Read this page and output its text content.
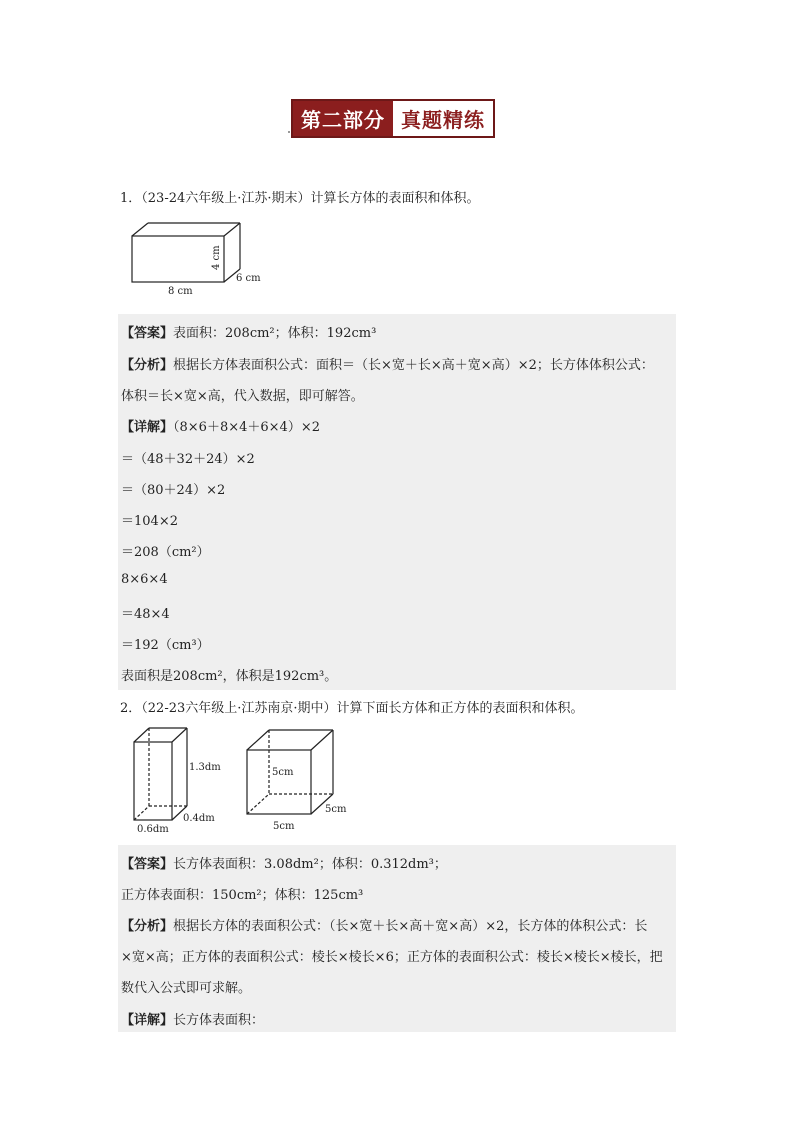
第二部分 真题精练
1．（23-24六年级上·江苏·期末）计算长方体的表面积和体积。
4 cm
8 cm
6 cm
【答案】表面积：208cm²；体积：192cm³
【分析】根据长方体表面积公式：面积＝（长×宽＋长×高＋宽×高）×2；长方体体积公式：
体积＝长×宽×高，代入数据，即可解答。
【详解】（8×6＋8×4＋6×4）×2
＝（48＋32＋24）×2
＝（80＋24）×2
＝104×2
＝208（cm²）
8×6×4
＝48×4
＝192（cm³）
表面积是208cm²，体积是192cm³。
2．（22-23六年级上·江苏南京·期中）计算下面长方体和正方体的表面积和体积。
1.3dm
0.4dm
0.6dm
5cm
5cm
5cm
【答案】长方体表面积：3.08dm²；体积：0.312dm³；
正方体表面积：150cm²；体积：125cm³
【分析】根据长方体的表面积公式：（长×宽＋长×高＋宽×高）×2，长方体的体积公式：长
×宽×高；正方体的表面积公式：棱长×棱长×6；正方体的表面积公式：棱长×棱长×棱长，把
数代入公式即可求解。
【详解】长方体表面积：
